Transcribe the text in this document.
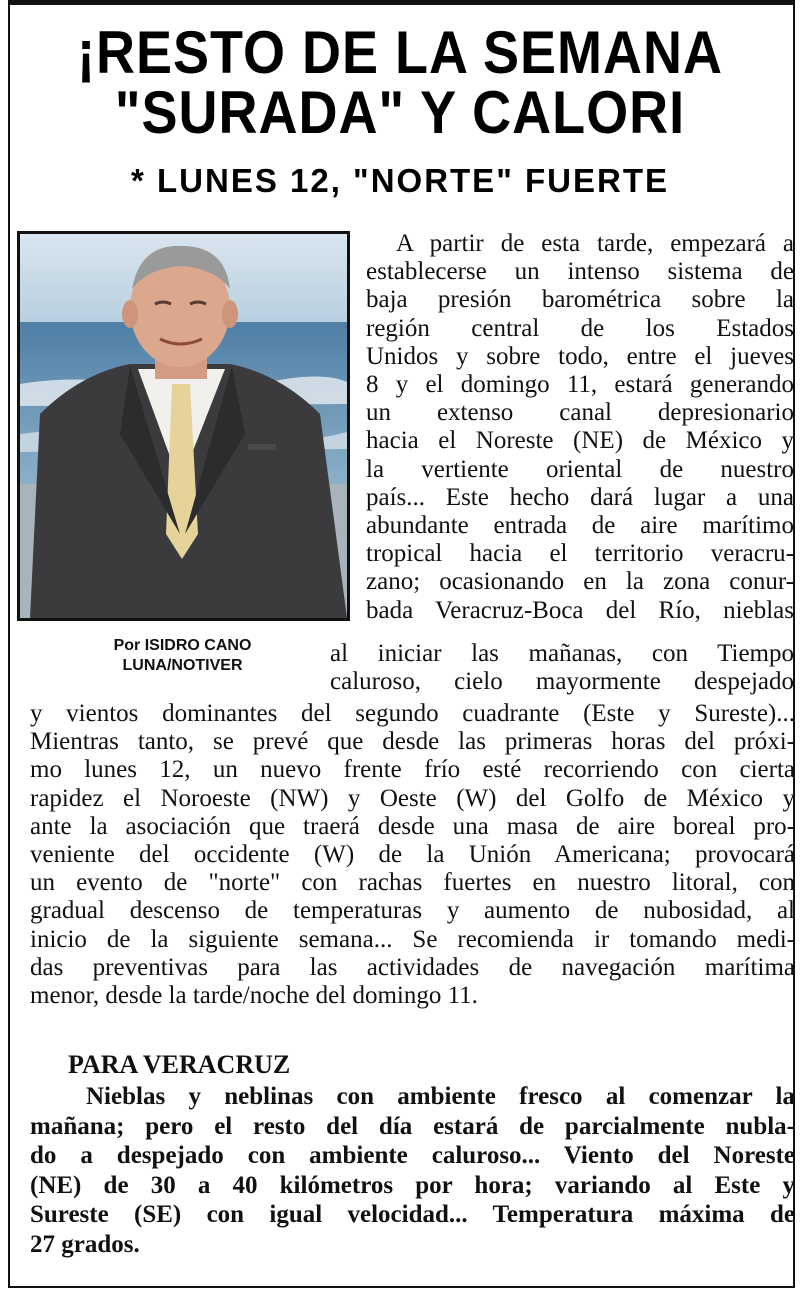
¡RESTO DE LA SEMANA
"SURADA" Y CALORI
* LUNES 12, "NORTE" FUERTE
Por ISIDRO CANO
LUNA/NOTIVER
A partir de esta tarde, empezará a
establecerse un intenso sistema de
baja presión barométrica sobre la
región central de los Estados
Unidos y sobre todo, entre el jueves
8 y el domingo 11, estará generando
un extenso canal depresionario
hacia el Noreste (NE) de México y
la vertiente oriental de nuestro
país... Este hecho dará lugar a una
abundante entrada de aire marítimo
tropical hacia el territorio veracru-
zano; ocasionando en la zona conur-
bada Veracruz-Boca del Río, nieblas
al iniciar las mañanas, con Tiempo
caluroso, cielo mayormente despejado
y vientos dominantes del segundo cuadrante (Este y Sureste)...
Mientras tanto, se prevé que desde las primeras horas del próxi-
mo lunes 12, un nuevo frente frío esté recorriendo con cierta
rapidez el Noroeste (NW) y Oeste (W) del Golfo de México y
ante la asociación que traerá desde una masa de aire boreal pro-
veniente del occidente (W) de la Unión Americana; provocará
un evento de "norte" con rachas fuertes en nuestro litoral, con
gradual descenso de temperaturas y aumento de nubosidad, al
inicio de la siguiente semana... Se recomienda ir tomando medi-
das preventivas para las actividades de navegación marítima
menor, desde la tarde/noche del domingo 11.
PARA VERACRUZ
Nieblas y neblinas con ambiente fresco al comenzar la
mañana; pero el resto del día estará de parcialmente nubla-
do a despejado con ambiente caluroso... Viento del Noreste
(NE) de 30 a 40 kilómetros por hora; variando al Este y
Sureste (SE) con igual velocidad... Temperatura máxima de
27 grados.
